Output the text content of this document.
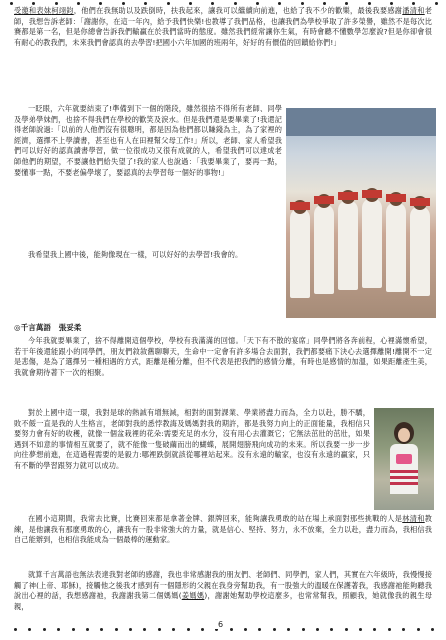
受邀和表妹柯翊鈞，他們在我無助以及跌倒時，扶我起來，讓我可以繼續向前進，也給了我不少的歡樂，最後我要感謝潘清和老師，我想告訴老師：「謝謝你，在這一年內，給予我們快樂!也教導了我們品格，也讓我們為學校爭取了許多榮譽，雖然不是每次比賽都是第一名，但是你總會告訴我們輸贏在於我們當時的態度。雖然我們經常讓你生氣，有時會聽不懂數學怎麼說?但是你卻會很有耐心的教我們，未來我們會認真的去學習!把國小六年加國的班兩年，好好的有價值的回饋給你們!」

一眨眼，六年就要結束了!準備到下一個的階段，雖然很捨不得所有老師、同學及學弟學妹們，也捨不得我們在學校的歡笑及淚水。但是我們還是要畢業了!我還記得老師說過:「以前的人他們沒有很聰明，都是因為他們都以賺錢為主，為了家裡的經濟，選擇不上學讀書，甚至也有人在田裡幫父母工作!」所以，老師、家人希望我們可以好好的認真讀書學習，做一位很成功又很有成就的人，希望我們可以達成老師他們的期望，不要讓他們給失望了!我的家人也說過：「我要畢業了，要再一點，要懂事一點，不要老偏學壞了，要認真的去學習每一個好的事物!」

我希望我上國中後，能夠像現在一樣，可以好好的去學習!我會的。

◎千言萬語　張妥柔

今年我就要畢業了，捨不得離開這個學校，學校有我滿滿的回憶。「天下有不散的宴席」同學們將各奔前程，心裡滿懷希望，若干年後還能跟小的同學們，朋友們敘敘舊聊聊天，生命中一定會有許多場合去面對，我們都要痛下決心去選擇離開!離開不一定是悲傷，是為了選擇另一種相遇的方式，距離是種分離，但不代表是把我們的感情分離，有時也是感情的加溫，如果距離產生美，我就會期待著下一次的相聚。

對於上國中這一環，我對是球的熱誠有增無減，相對的面對課業、學業將盡力而為，全力以赴，勝不驕，敗不餒一直是我的人生格言，老師對我的悉悖教誨及媽媽對我的期許，都是我努力向上的正面能量，我相信只要努力會有好的收穫，就像一個盆栽裡的花朵:需要充足的水分，沒有用心去灌溉它；它無法茁壯的茁壯，如果遇到不如意的事情相互就要了，就不能像一隻破繭而出的蝴蝶，展開翅膀飛向成功的未來。所以我要一步一步向往夢想前進，在這過程需要的是毅力:哪裡跌倒就該從哪裡站起來。沒有永遠的輸家，也沒有永遠的贏家，只有不斷的學習跟努力就可以成功。

在國小這期間，我常去比賽，比賽回來都是拿著金牌、銀牌回來，能夠讓我勇敢的站在場上承面對那些挑戰的人是林清和教練，是他讓我有那麼勇敢的心，讓我有一股非常強大的力量，就是信心、堅持、努力，永不放棄，全力以赴，盡力而為，我相信我自己能辦到，也相信我能成為一個最棒的運動家。

就算千言萬語也無法表達我對老師的感謝，我也非常感謝我的朋友們、老師們、同學們，家人們，其實在六年級時，我慢慢接觸了神(上帝、耶穌)，接觸他之後我才感到有一個隱形的父親在我身旁幫助我，有一股強大的溫暖在保護著我，我感謝祂能夠聽我說出心裡的話，我想感謝祂，我謝謝我第二個媽媽(姜媽媽)，謝謝她幫助學校這麼多，也常常幫我，照顧我，她就像我的親生母親，

6
